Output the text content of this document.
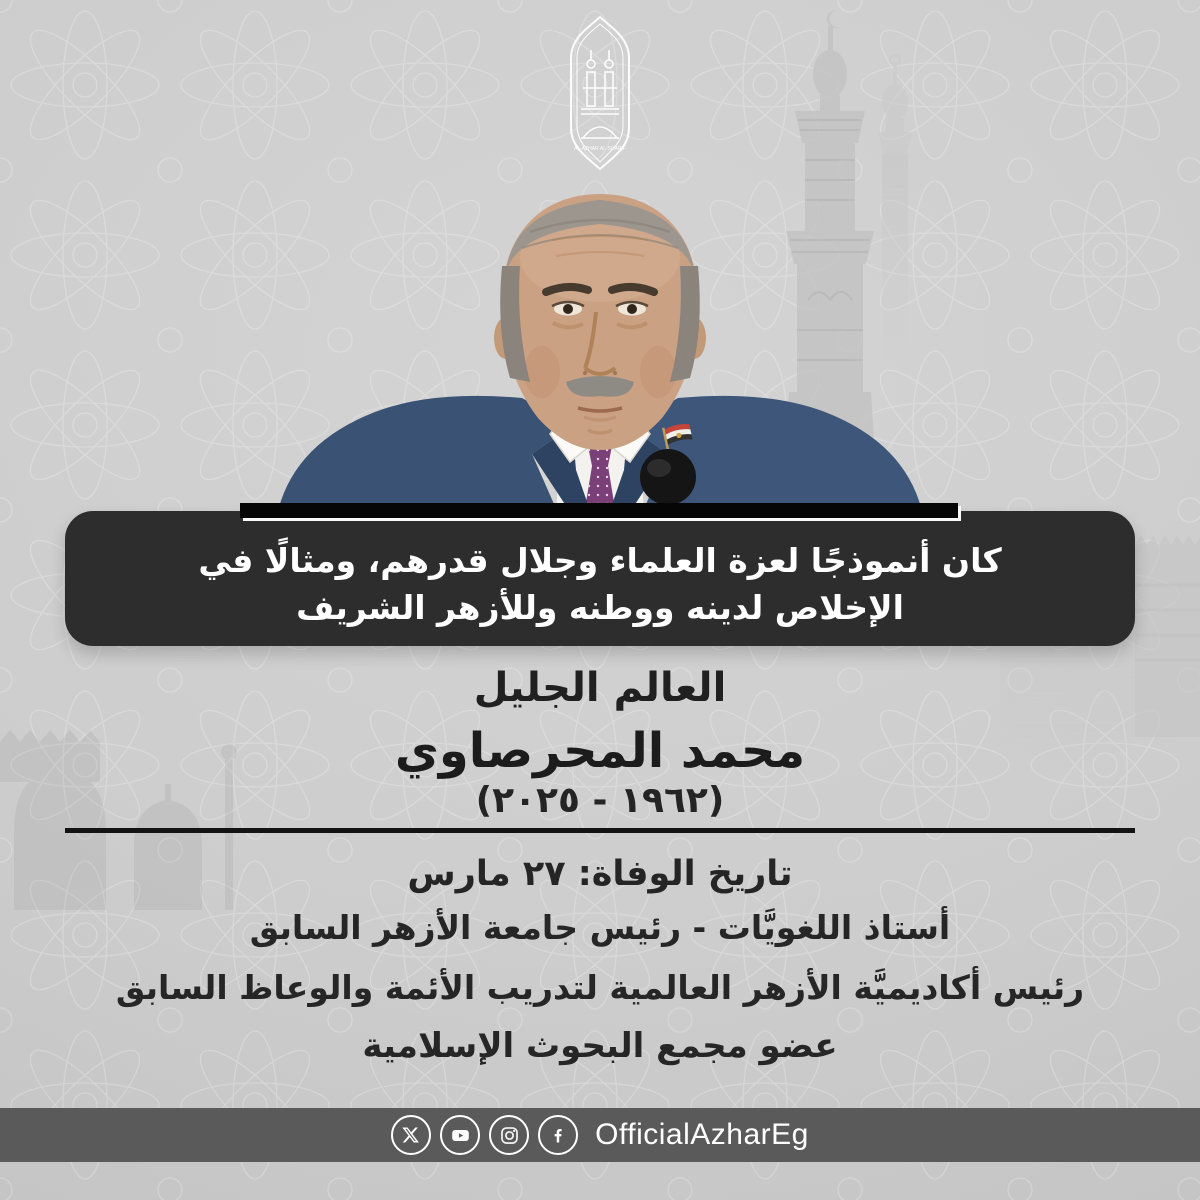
AL-AZHAR AL-SHARIF
كان أنموذجًا لعزة العلماء وجلال قدرهم، ومثالًا في
الإخلاص لدينه ووطنه وللأزهر الشريف
العالم الجليل
محمد المحرصاوي
(١٩٦٢ - ٢٠٢٥)
تاريخ الوفاة: ٢٧ مارس
أستاذ اللغويَّات - رئيس جامعة الأزهر السابق
رئيس أكاديميَّة الأزهر العالمية لتدريب الأئمة والوعاظ السابق
عضو مجمع البحوث الإسلامية
OfficialAzharEg
